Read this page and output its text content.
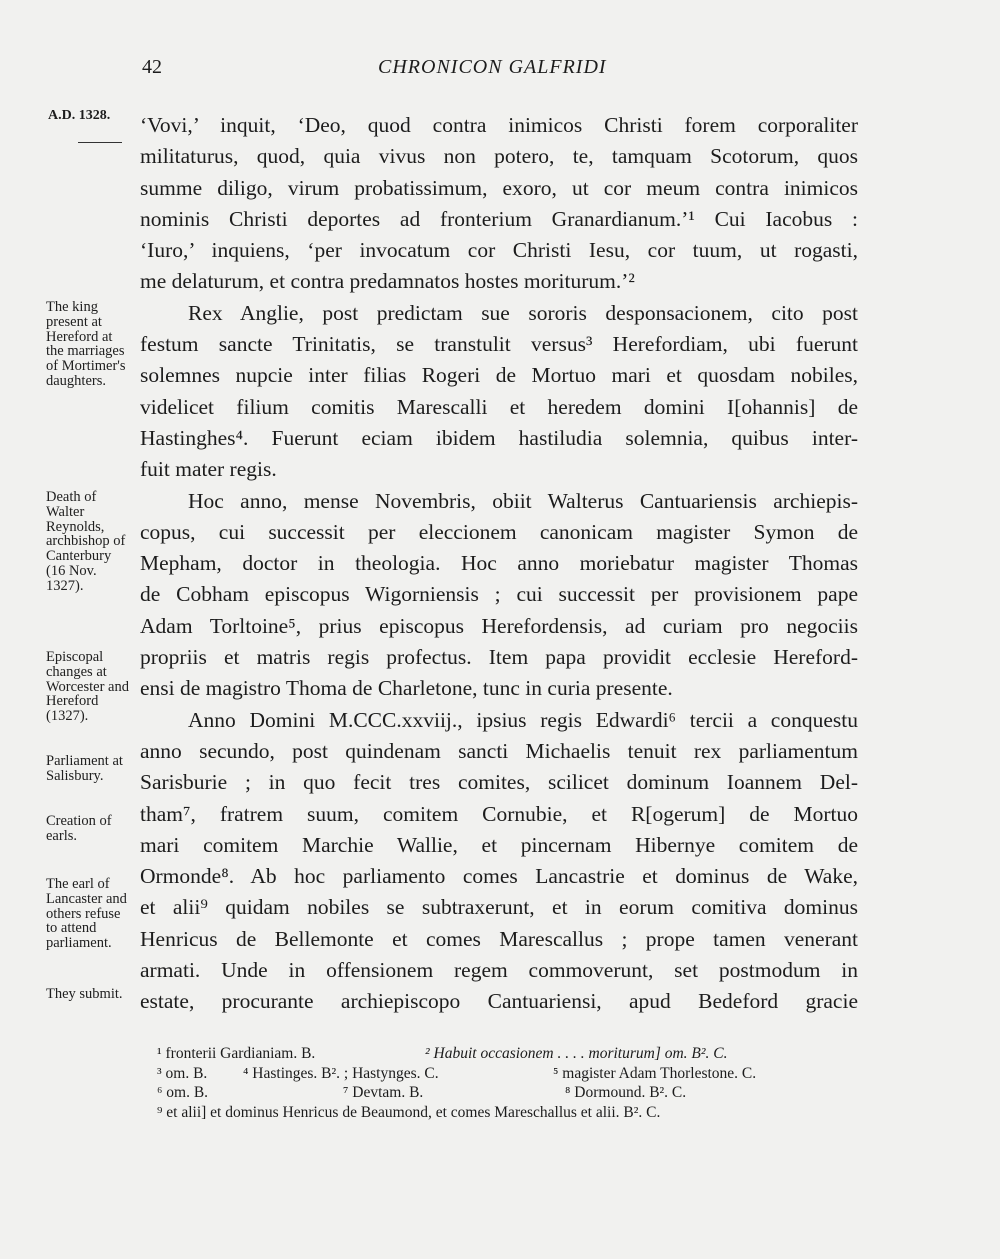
42	CHRONICON GALFRIDI
A.D. 1328.
The king present at Hereford at the marriages of Mortimer's daughters.
Death of Walter Reynolds, archbishop of Canterbury (16 Nov. 1327).
Episcopal changes at Worcester and Hereford (1327).
Parliament at Salisbury.
Creation of earls.
The earl of Lancaster and others refuse to attend parliament.
They submit.
‘Vovi,’ inquit, ‘Deo, quod contra inimicos Christi forem corporaliter
militaturus, quod, quia vivus non potero, te, tamquam Scotorum, quos
summe diligo, virum probatissimum, exoro, ut cor meum contra inimicos
nominis Christi deportes ad fronterium Granardianum.’¹ Cui Iacobus :
‘Iuro,’ inquiens, ‘per invocatum cor Christi Iesu, cor tuum, ut rogasti,
me delaturum, et contra predamnatos hostes moriturum.’²
Rex Anglie, post predictam sue sororis desponsacionem, cito post
festum sancte Trinitatis, se transtulit versus³ Herefordiam, ubi fuerunt
solemnes nupcie inter filias Rogeri de Mortuo mari et quosdam nobiles,
videlicet filium comitis Marescalli et heredem domini I[ohannis] de
Hastinghes⁴. Fuerunt eciam ibidem hastiludia solemnia, quibus inter-
fuit mater regis.
Hoc anno, mense Novembris, obiit Walterus Cantuariensis archiepis-
copus, cui successit per eleccionem canonicam magister Symon de
Mepham, doctor in theologia. Hoc anno moriebatur magister Thomas
de Cobham episcopus Wigorniensis ; cui successit per provisionem pape
Adam Torltoine⁵, prius episcopus Herefordensis, ad curiam pro negociis
propriis et matris regis profectus. Item papa providit ecclesie Hereford-
ensi de magistro Thoma de Charletone, tunc in curia presente.
Anno Domini M.CCC.xxviij., ipsius regis Edwardi⁶ tercii a conquestu
anno secundo, post quindenam sancti Michaelis tenuit rex parliamentum
Sarisburie ; in quo fecit tres comites, scilicet dominum Ioannem Del-
tham⁷, fratrem suum, comitem Cornubie, et R[ogerum] de Mortuo
mari comitem Marchie Wallie, et pincernam Hibernye comitem de
Ormonde⁸. Ab hoc parliamento comes Lancastrie et dominus de Wake,
et alii⁹ quidam nobiles se subtraxerunt, et in eorum comitiva dominus
Henricus de Bellemonte et comes Marescallus ; prope tamen venerant
armati. Unde in offensionem regem commoverunt, set postmodum in
estate, procurante archiepiscopo Cantuariensi, apud Bedeford gracie
¹ fronterii Gardianiam. B.	² Habuit occasionem . . . . moriturum] om. B². C.
³ om. B. ⁴ Hastinges. B². ; Hastynges. C.	⁵ magister Adam Thorlestone. C.
⁶ om. B.	⁷ Devtam. B.	⁸ Dormound. B². C.
⁹ et alii] et dominus Henricus de Beaumond, et comes Mareschallus et alii. B². C.
